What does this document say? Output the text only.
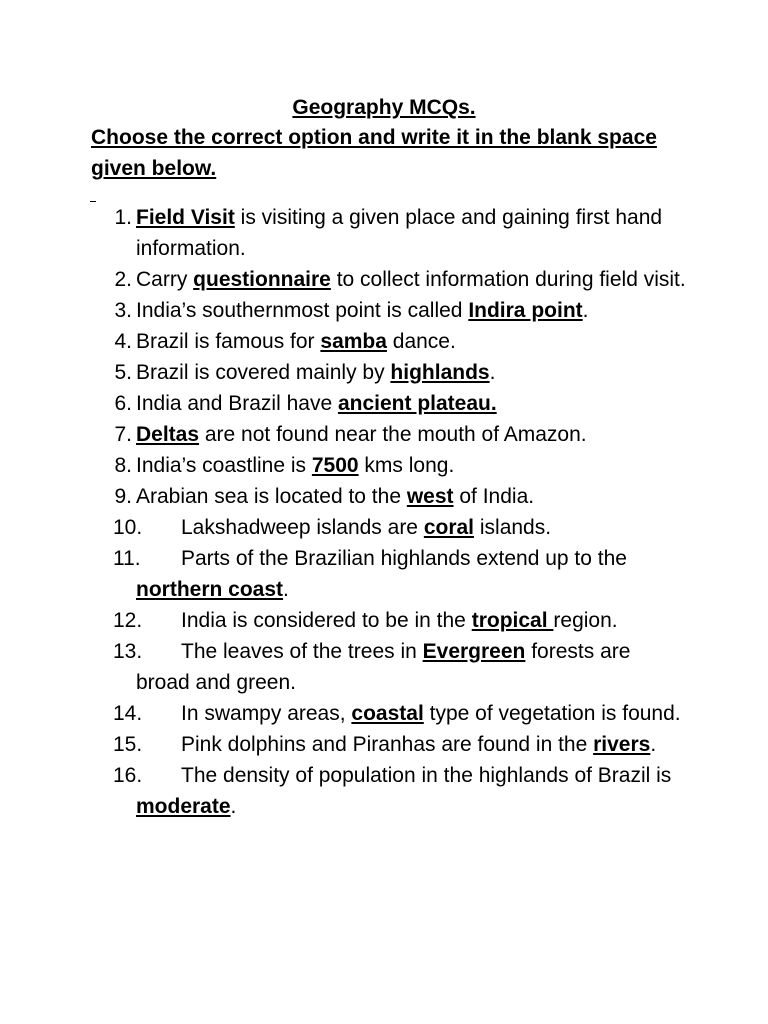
Geography MCQs.

Choose the correct option and write it in the blank space given below.

1. Field Visit is visiting a given place and gaining first hand information.
2. Carry questionnaire to collect information during field visit.
3. India’s southernmost point is called Indira point.
4. Brazil is famous for samba dance.
5. Brazil is covered mainly by highlands.
6. India and Brazil have ancient plateau.
7. Deltas are not found near the mouth of Amazon.
8. India’s coastline is 7500 kms long.
9. Arabian sea is located to the west of India.
10. Lakshadweep islands are coral islands.
11. Parts of the Brazilian highlands extend up to the northern coast.
12. India is considered to be in the tropical region.
13. The leaves of the trees in Evergreen forests are broad and green.
14. In swampy areas, coastal type of vegetation is found.
15. Pink dolphins and Piranhas are found in the rivers.
16. The density of population in the highlands of Brazil is moderate.
